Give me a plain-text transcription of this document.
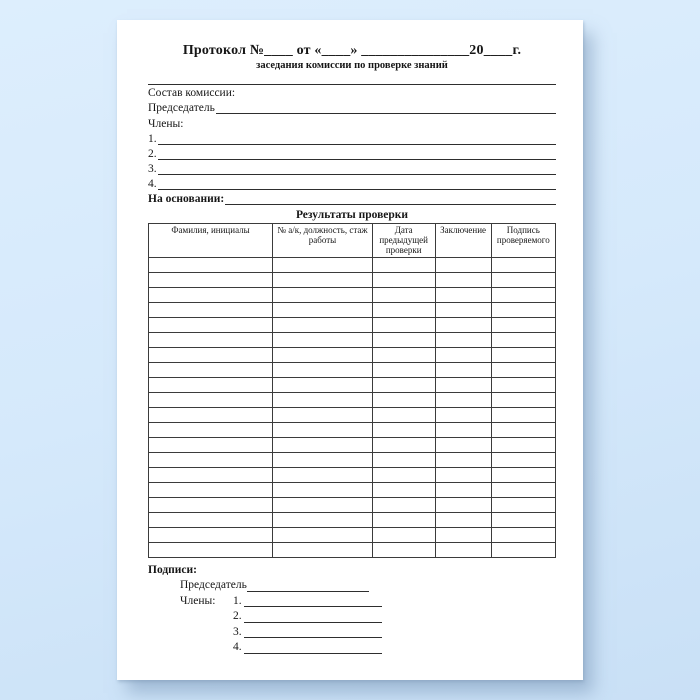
Протокол №____ от «____» _______________20____г.
заседания комиссии по проверке знаний
Состав комиссии:
Председатель
Члены:
1.
2.
3.
4.
На основании:
Результаты проверки
Фамилия, инициалы	№ а/к, должность, стаж работы	Дата предыдущей проверки	Заключение	Подпись проверяемого

Подписи:
Председатель
Члены:	1.
2.
3.
4.
